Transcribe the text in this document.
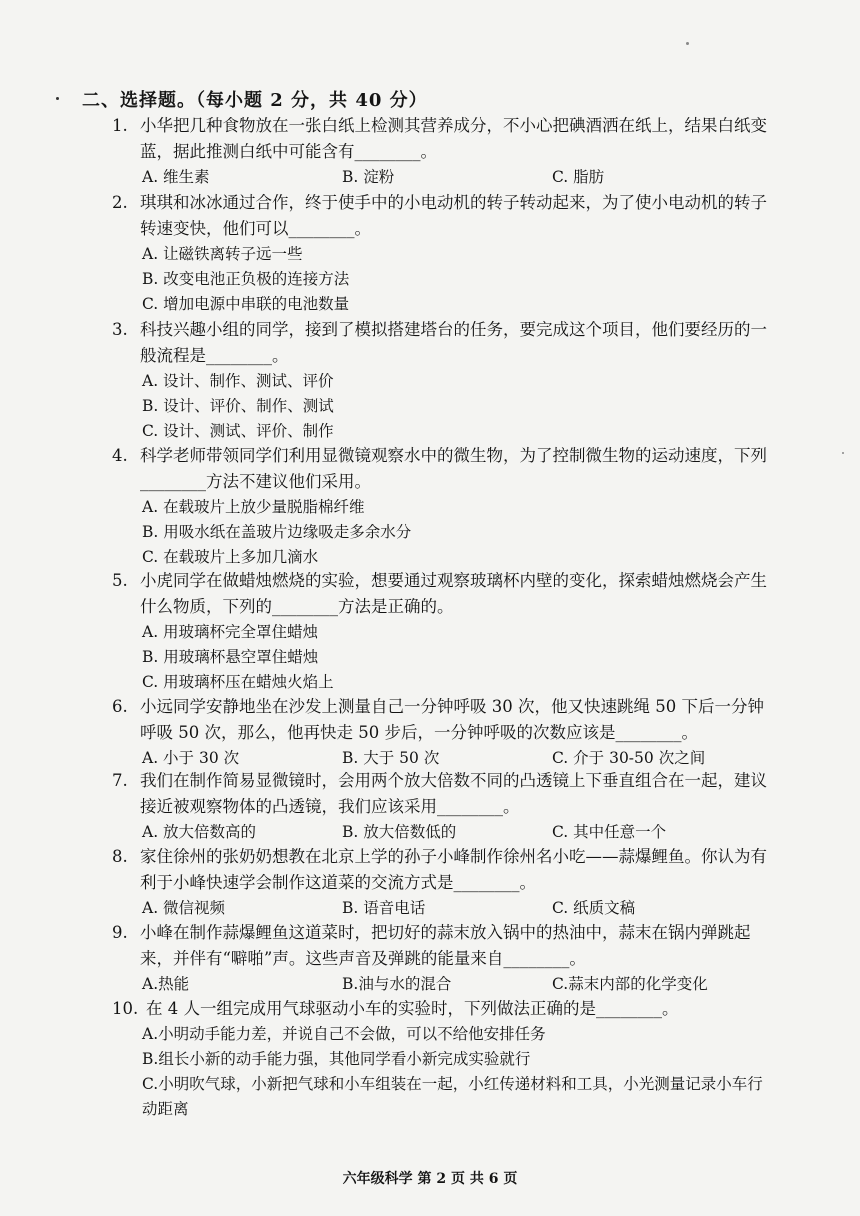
二、选择题。（每小题 2 分，共 40 分）
1. 小华把几种食物放在一张白纸上检测其营养成分，不小心把碘酒洒在纸上，结果白纸变蓝，据此推测白纸中可能含有________。
A. 维生素	B. 淀粉	C. 脂肪
2. 琪琪和冰冰通过合作，终于使手中的小电动机的转子转动起来，为了使小电动机的转子转速变快，他们可以________。
A. 让磁铁离转子远一些
B. 改变电池正负极的连接方法
C. 增加电源中串联的电池数量
3. 科技兴趣小组的同学，接到了模拟搭建塔台的任务，要完成这个项目，他们要经历的一般流程是________。
A. 设计、制作、测试、评价
B. 设计、评价、制作、测试
C. 设计、测试、评价、制作
4. 科学老师带领同学们利用显微镜观察水中的微生物，为了控制微生物的运动速度，下列________方法不建议他们采用。
A. 在载玻片上放少量脱脂棉纤维
B. 用吸水纸在盖玻片边缘吸走多余水分
C. 在载玻片上多加几滴水
5. 小虎同学在做蜡烛燃烧的实验，想要通过观察玻璃杯内壁的变化，探索蜡烛燃烧会产生什么物质，下列的________方法是正确的。
A. 用玻璃杯完全罩住蜡烛
B. 用玻璃杯悬空罩住蜡烛
C. 用玻璃杯压在蜡烛火焰上
6. 小远同学安静地坐在沙发上测量自己一分钟呼吸 30 次，他又快速跳绳 50 下后一分钟呼吸 50 次，那么，他再快走 50 步后，一分钟呼吸的次数应该是________。
A. 小于 30 次	B. 大于 50 次	C. 介于 30-50 次之间
7. 我们在制作简易显微镜时，会用两个放大倍数不同的凸透镜上下垂直组合在一起，建议接近被观察物体的凸透镜，我们应该采用________。
A. 放大倍数高的	B. 放大倍数低的	C. 其中任意一个
8. 家住徐州的张奶奶想教在北京上学的孙子小峰制作徐州名小吃——蒜爆鲤鱼。你认为有利于小峰快速学会制作这道菜的交流方式是________。
A. 微信视频	B. 语音电话	C. 纸质文稿
9. 小峰在制作蒜爆鲤鱼这道菜时，把切好的蒜末放入锅中的热油中，蒜末在锅内弹跳起来，并伴有“噼啪”声。这些声音及弹跳的能量来自________。
A.热能	B.油与水的混合	C.蒜末内部的化学变化
10. 在 4 人一组完成用气球驱动小车的实验时，下列做法正确的是________。
A.小明动手能力差，并说自己不会做，可以不给他安排任务
B.组长小新的动手能力强，其他同学看小新完成实验就行
C.小明吹气球，小新把气球和小车组装在一起，小红传递材料和工具，小光测量记录小车行动距离
六年级科学 第 2 页 共 6 页
